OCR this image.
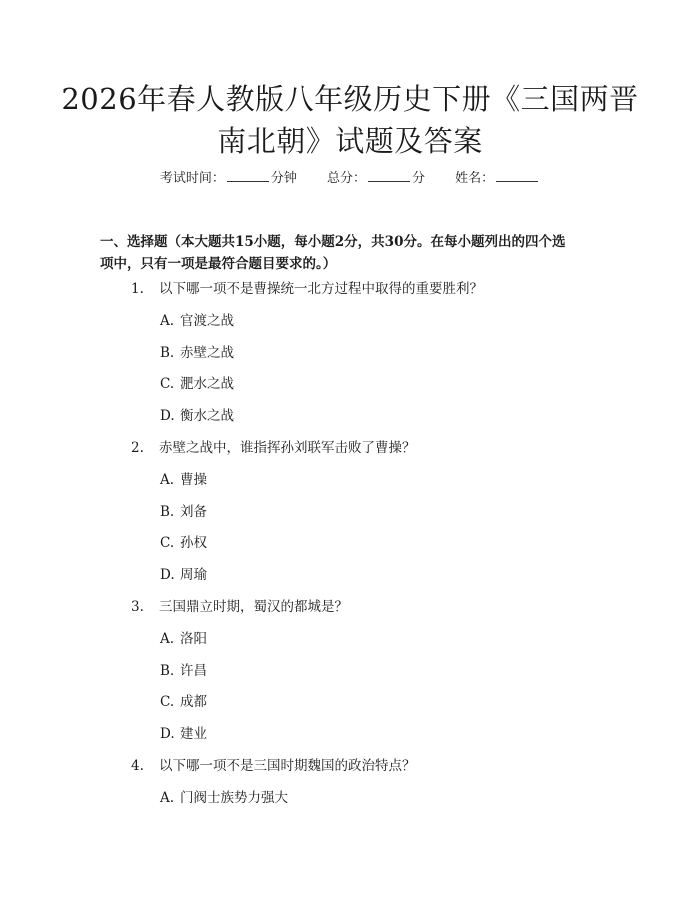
2026年春人教版八年级历史下册《三国两晋
南北朝》试题及答案
考试时间：	分钟 总分：	分 姓名：
一、选择题（本大题共15小题，每小题2分，共30分。在每小题列出的四个选
项中，只有一项是最符合题目要求的。）
1. 以下哪一项不是曹操统一北方过程中取得的重要胜利？
A. 官渡之战
B. 赤壁之战
C. 淝水之战
D. 衡水之战
2. 赤壁之战中，谁指挥孙刘联军击败了曹操？
A. 曹操
B. 刘备
C. 孙权
D. 周瑜
3. 三国鼎立时期，蜀汉的都城是？
A. 洛阳
B. 许昌
C. 成都
D. 建业
4. 以下哪一项不是三国时期魏国的政治特点？
A. 门阀士族势力强大
